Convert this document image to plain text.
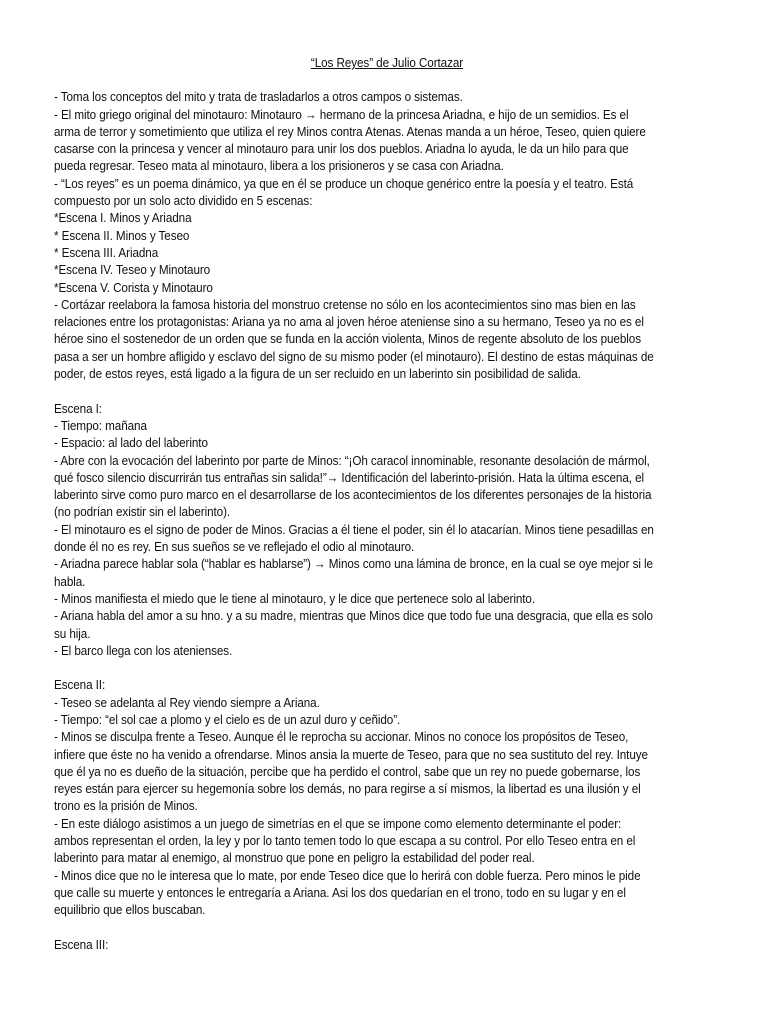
“Los Reyes” de Julio Cortazar
- Toma los conceptos del mito y trata de trasladarlos a otros campos o sistemas.
- El mito griego original del minotauro: Minotauro → hermano de la princesa Ariadna, e hijo de un semidios. Es el
arma de terror y sometimiento que utiliza el rey Minos contra Atenas. Atenas manda a un héroe, Teseo, quien quiere
casarse con la princesa y vencer al minotauro para unir los dos pueblos. Ariadna lo ayuda, le da un hilo para que
pueda regresar. Teseo mata al minotauro, libera a los prisioneros y se casa con Ariadna.
- “Los reyes” es un poema dinámico, ya que en él se produce un choque genérico entre la poesía y el teatro. Está
compuesto por un solo acto dividido en 5 escenas:
*Escena I. Minos y Ariadna
* Escena II. Minos y Teseo
* Escena III. Ariadna
*Escena IV. Teseo y Minotauro
*Escena V. Corista y Minotauro
- Cortázar reelabora la famosa historia del monstruo cretense no sólo en los acontecimientos sino mas bien en las
relaciones entre los protagonistas: Ariana ya no ama al joven héroe ateniense sino a su hermano, Teseo ya no es el
héroe sino el sostenedor de un orden que se funda en la acción violenta, Minos de regente absoluto de los pueblos
pasa a ser un hombre afligido y esclavo del signo de su mismo poder (el minotauro). El destino de estas máquinas de
poder, de estos reyes, está ligado a la figura de un ser recluido en un laberinto sin posibilidad de salida.
Escena I:
- Tiempo: mañana
- Espacio: al lado del laberinto
- Abre con la evocación del laberinto por parte de Minos: “¡Oh caracol innominable, resonante desolación de mármol,
qué fosco silencio discurrirán tus entrañas sin salida!”→ Identificación del laberinto-prisión. Hata la última escena, el
laberinto sirve como puro marco en el desarrollarse de los acontecimientos de los diferentes personajes de la historia
(no podrían existir sin el laberinto).
- El minotauro es el signo de poder de Minos. Gracias a él tiene el poder, sin él lo atacarían. Minos tiene pesadillas en
donde él no es rey. En sus sueños se ve reflejado el odio al minotauro.
- Ariadna parece hablar sola (“hablar es hablarse”) → Minos como una lámina de bronce, en la cual se oye mejor si le
habla.
- Minos manifiesta el miedo que le tiene al minotauro, y le dice que pertenece solo al laberinto.
- Ariana habla del amor a su hno. y a su madre, mientras que Minos dice que todo fue una desgracia, que ella es solo
su hija.
- El barco llega con los atenienses.
Escena II:
- Teseo se adelanta al Rey viendo siempre a Ariana.
- Tiempo: “el sol cae a plomo y el cielo es de un azul duro y ceñido”.
- Minos se disculpa frente a Teseo. Aunque él le reprocha su accionar. Minos no conoce los propósitos de Teseo,
infiere que éste no ha venido a ofrendarse. Minos ansia la muerte de Teseo, para que no sea sustituto del rey. Intuye
que él ya no es dueño de la situación, percibe que ha perdido el control, sabe que un rey no puede gobernarse, los
reyes están para ejercer su hegemonía sobre los demás, no para regirse a sí mismos, la libertad es una ilusión y el
trono es la prisión de Minos.
- En este diálogo asistimos a un juego de simetrías en el que se impone como elemento determinante el poder:
ambos representan el orden, la ley y por lo tanto temen todo lo que escapa a su control. Por ello Teseo entra en el
laberinto para matar al enemigo, al monstruo que pone en peligro la estabilidad del poder real.
- Minos dice que no le interesa que lo mate, por ende Teseo dice que lo herirá con doble fuerza. Pero minos le pide
que calle su muerte y entonces le entregaría a Ariana. Asi los dos quedarían en el trono, todo en su lugar y en el
equilibrio que ellos buscaban.
Escena III:
